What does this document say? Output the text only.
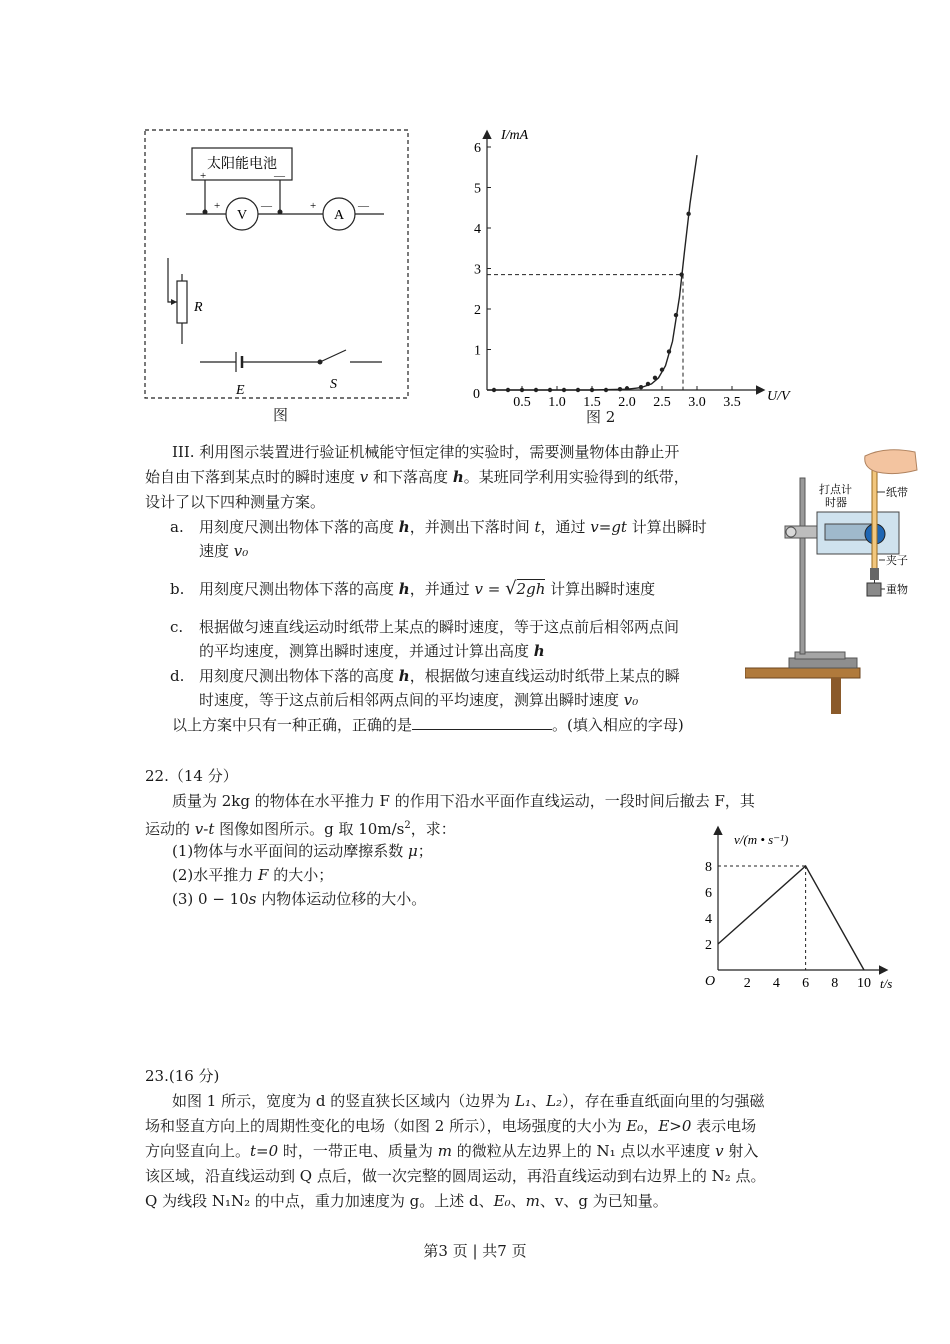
太阳能电池
+	—
V
+	—
A
+	—
R
E	S
图
0.5 1.0 1.5 2.0 2.5 3.0 3.5
1
2
3
4
5
6
I/mA
U/V
0
图 2
III. 利用图示装置进行验证机械能守恒定律的实验时，需要测量物体由静止开
始自由下落到某点时的瞬时速度 v 和下落高度 h。某班同学利用实验得到的纸带，
设计了以下四种测量方案。
a. 用刻度尺测出物体下落的高度 h，并测出下落时间 t，通过 v=gt 计算出瞬时
速度 v₀
b. 用刻度尺测出物体下落的高度 h，并通过 v = √2gh 计算出瞬时速度
c. 根据做匀速直线运动时纸带上某点的瞬时速度，等于这点前后相邻两点间
的平均速度，测算出瞬时速度，并通过计算出高度 h
d. 用刻度尺测出物体下落的高度 h，根据做匀速直线运动时纸带上某点的瞬
时速度，等于这点前后相邻两点间的平均速度，测算出瞬时速度 v₀
以上方案中只有一种正确，正确的是	。(填入相应的字母)
打点计
时器
纸带
夹子
重物
22.（14 分）
质量为 2kg 的物体在水平推力 F 的作用下沿水平面作直线运动，一段时间后撤去 F，其
运动的 v-t 图像如图所示。g 取 $10m/s^2$，求：
(1)物体与水平面间的运动摩擦系数 μ；
(2)水平推力 F 的大小；
(3) 0 − 10s 内物体运动位移的大小。
2 4 6 8 10
2
4
6
8
v/(m • s⁻¹)
t/s
O
23.(16 分)
如图 1 所示，宽度为 d 的竖直狭长区域内（边界为 L₁、L₂），存在垂直纸面向里的匀强磁
场和竖直方向上的周期性变化的电场（如图 2 所示），电场强度的大小为 E₀，E>0 表示电场
方向竖直向上。t=0 时，一带正电、质量为 m 的微粒从左边界上的 N₁ 点以水平速度 v 射入
该区域，沿直线运动到 Q 点后，做一次完整的圆周运动，再沿直线运动到右边界上的 N₂ 点。
Q 为线段 N₁N₂ 的中点，重力加速度为 g。上述 d、E₀、m、v、g 为已知量。
第3 页 | 共7 页
